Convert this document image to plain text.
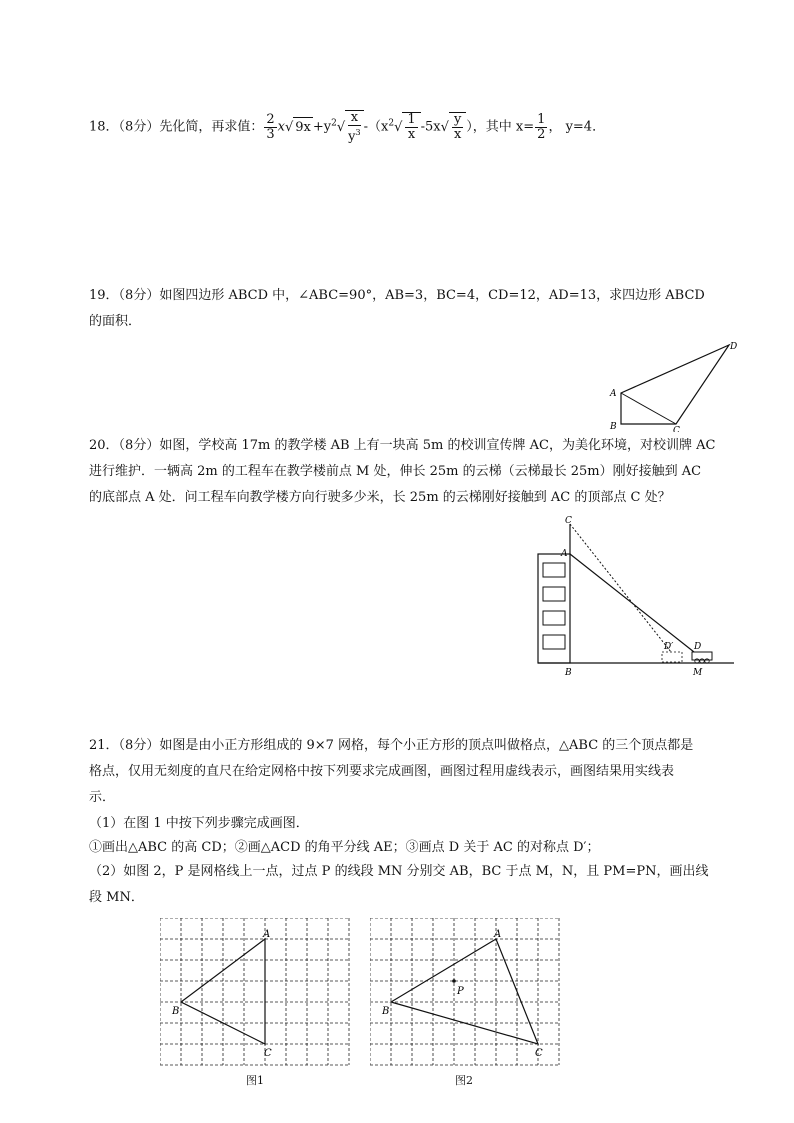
18．（8分）先化简，再求值： $\frac{2}{3} x√$ $9x +y^2√ \frac{x}{y^3} -(x^2√ \frac{1}{x} -5x√ \frac{y}{x}$ ），其中 $x= \frac{1}{2}$ ， y=4．
19．（8分）如图四边形 ABCD 中，∠ABC=90°，AB=3，BC=4，CD=12，AD=13，求四边形 ABCD
的面积．
A
B	C
D
20．（8分）如图，学校高 17m 的教学楼 AB 上有一块高 5m 的校训宣传牌 AC，为美化环境，对校训牌 AC
进行维护．一辆高 2m 的工程车在教学楼前点 M 处，伸长 25m 的云梯（云梯最长 25m）刚好接触到 AC
的底部点 A 处．问工程车向教学楼方向行驶多少米，长 25m 的云梯刚好接触到 AC 的顶部点 C 处？
C
A
B
D′ D
M
21．（8分）如图是由小正方形组成的 9×7 网格，每个小正方形的顶点叫做格点，△ABC 的三个顶点都是
格点，仅用无刻度的直尺在给定网格中按下列要求完成画图，画图过程用虚线表示，画图结果用实线表
示．
（1）在图 1 中按下列步骤完成画图．
①画出△ABC 的高 CD；②画△ACD 的角平分线 AE；③画点 D 关于 AC 的对称点 D′；
（2）如图 2，P 是网格线上一点，过点 P 的线段 MN 分别交 AB，BC 于点 M，N，且 PM=PN，画出线
段 MN．
A
B
C
图1
A
B
C
P
图2
